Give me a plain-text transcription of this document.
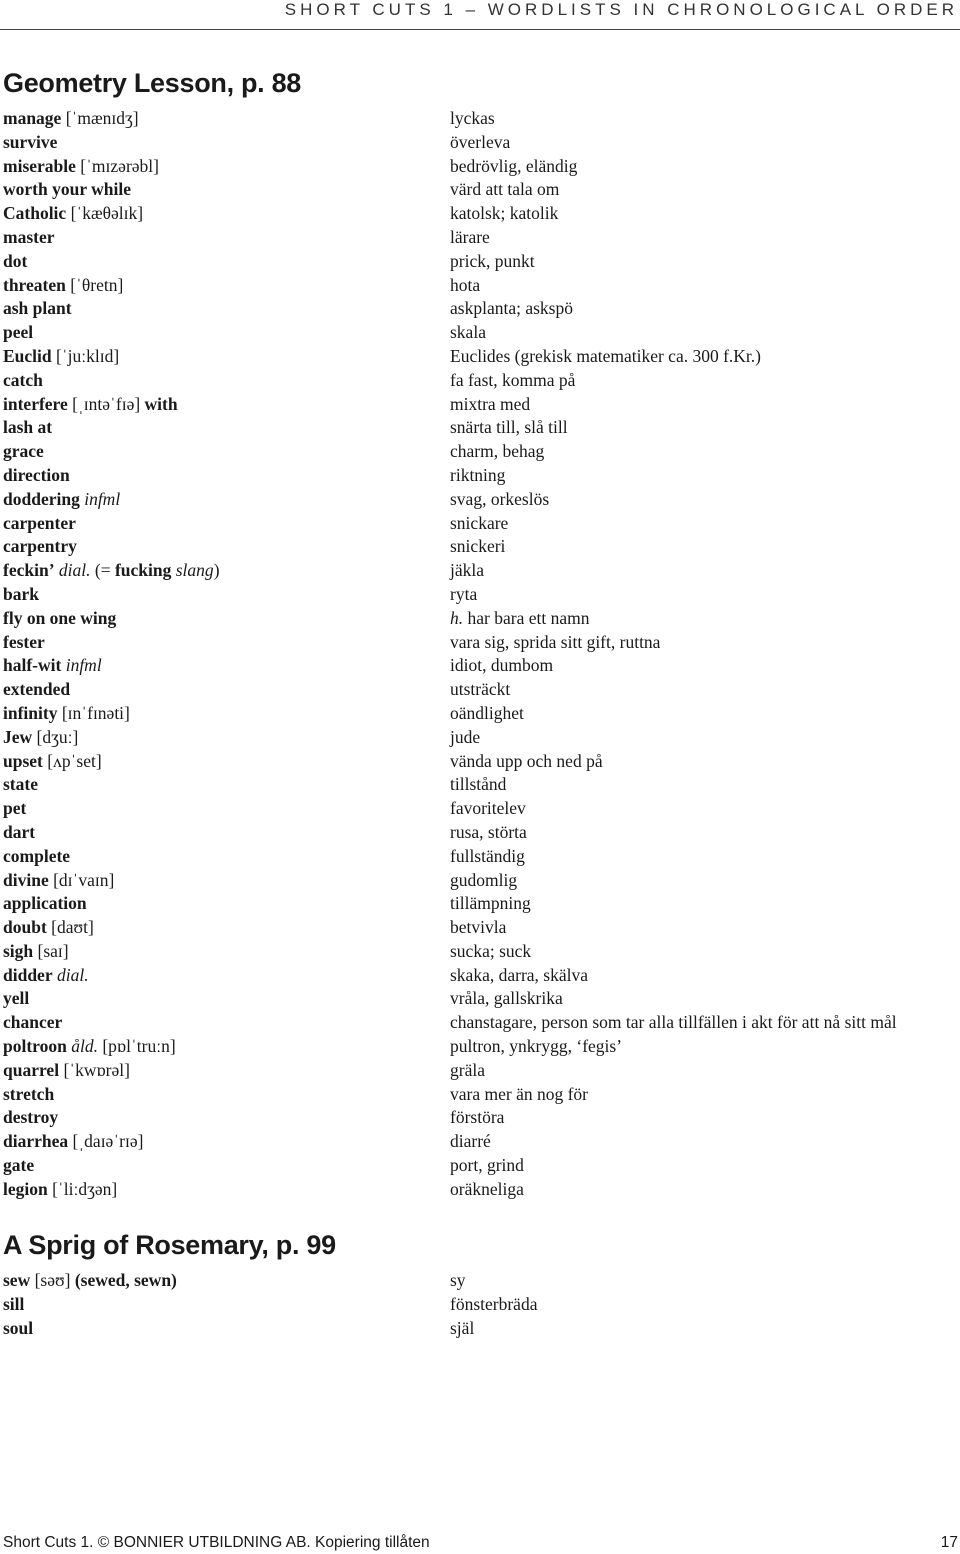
SHORT CUTS 1 – WORDLISTS IN CHRONOLOGICAL ORDER
Geometry Lesson, p. 88
manage [ˈmænɪdʒ]	lyckas
survive	överleva
miserable [ˈmɪzərəbl]	bedrövlig, eländig
worth your while	värd att tala om
Catholic [ˈkæθəlɪk]	katolsk; katolik
master	lärare
dot	prick, punkt
threaten [ˈθretn]	hota
ash plant	askplanta; askspö
peel	skala
Euclid [ˈjuːklɪd]	Euclides (grekisk matematiker ca. 300 f.Kr.)
catch	fa fast, komma på
interfere [ˌɪntəˈfɪə] with	mixtra med
lash at	snärta till, slå till
grace	charm, behag
direction	riktning
doddering infml	svag, orkeslös
carpenter	snickare
carpentry	snickeri
feckin’ dial. (= fucking slang)	jäkla
bark	ryta
fly on one wing	h. har bara ett namn
fester	vara sig, sprida sitt gift, ruttna
half-wit infml	idiot, dumbom
extended	utsträckt
infinity [ɪnˈfɪnəti]	oändlighet
Jew [dʒuː]	jude
upset [ʌpˈset]	vända upp och ned på
state	tillstånd
pet	favoritelev
dart	rusa, störta
complete	fullständig
divine [dɪˈvaɪn]	gudomlig
application	tillämpning
doubt [daʊt]	betvivla
sigh [saɪ]	sucka; suck
didder dial.	skaka, darra, skälva
yell	vråla, gallskrika
chancer	chanstagare, person som tar alla tillfällen i akt för att nå sitt mål
poltroon åld. [pɒlˈtruːn]	pultron, ynkrygg, ‘fegis’
quarrel [ˈkwɒrəl]	gräla
stretch	vara mer än nog för
destroy	förstöra
diarrhea [ˌdaɪəˈrɪə]	diarré
gate	port, grind
legion [ˈliːdʒən]	oräkneliga
A Sprig of Rosemary, p. 99
sew [səʊ] (sewed, sewn)	sy
sill	fönsterbräda
soul	själ
Short Cuts 1. © BONNIER UTBILDNING AB. Kopiering tillåten	17
